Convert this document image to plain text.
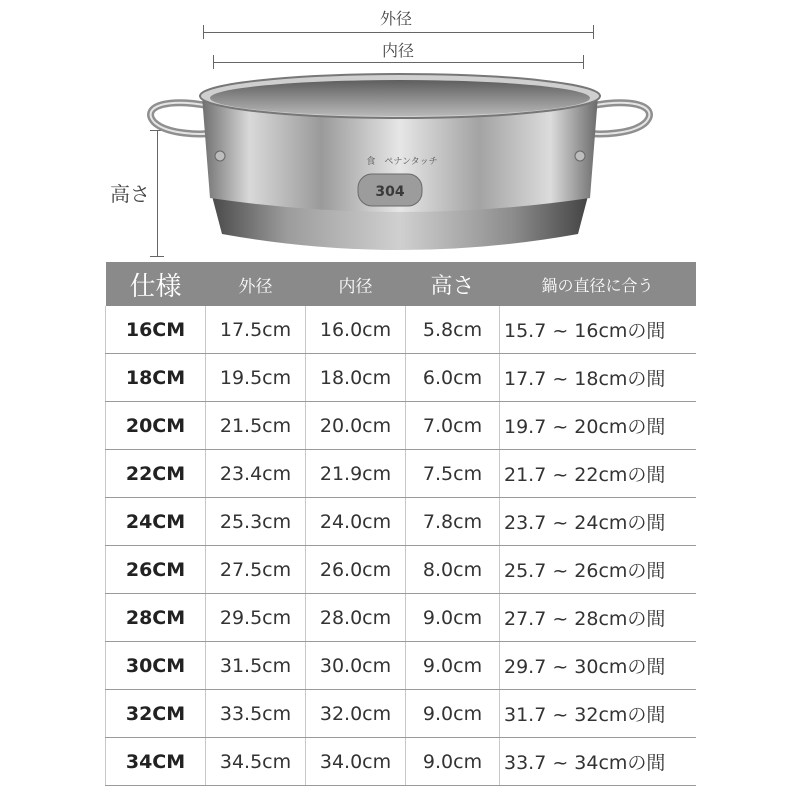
外径
内径
高さ	304
食　ペナンタッチ
仕様	外径	内径	高さ	鍋の直径に合う
16CM	17.5cm	16.0cm	5.8cm	15.7 ~ 16cmの間
18CM	19.5cm	18.0cm	6.0cm	17.7 ~ 18cmの間
20CM	21.5cm	20.0cm	7.0cm	19.7 ~ 20cmの間
22CM	23.4cm	21.9cm	7.5cm	21.7 ~ 22cmの間
24CM	25.3cm	24.0cm	7.8cm	23.7 ~ 24cmの間
26CM	27.5cm	26.0cm	8.0cm	25.7 ~ 26cmの間
28CM	29.5cm	28.0cm	9.0cm	27.7 ~ 28cmの間
30CM	31.5cm	30.0cm	9.0cm	29.7 ~ 30cmの間
32CM	33.5cm	32.0cm	9.0cm	31.7 ~ 32cmの間
34CM	34.5cm	34.0cm	9.0cm	33.7 ~ 34cmの間
